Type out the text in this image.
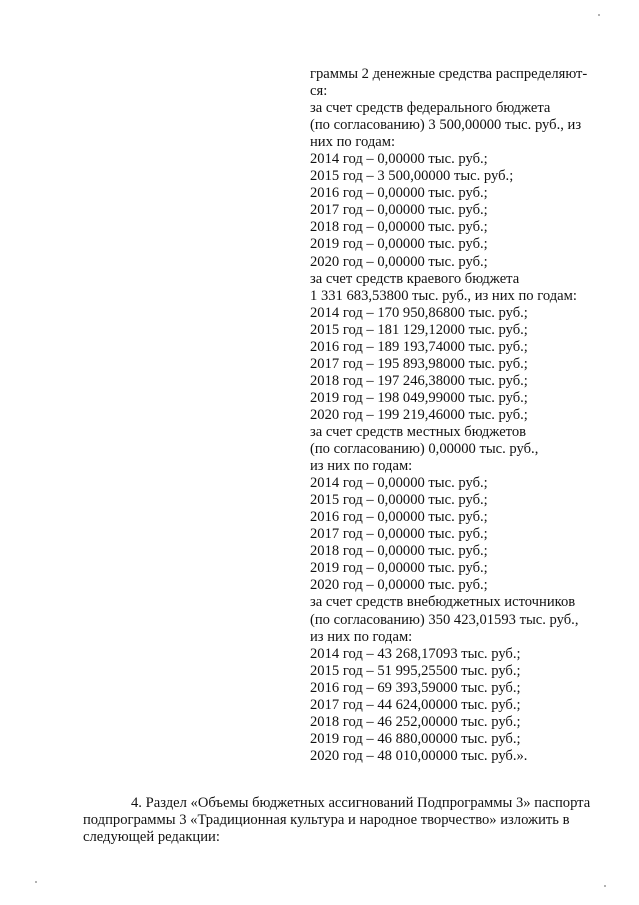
граммы 2 денежные средства распределяют-
ся:
за счет средств федерального бюджета
(по согласованию) 3 500,00000 тыс. руб., из
них по годам:
2014 год – 0,00000 тыс. руб.;
2015 год – 3 500,00000 тыс. руб.;
2016 год – 0,00000 тыс. руб.;
2017 год – 0,00000 тыс. руб.;
2018 год – 0,00000 тыс. руб.;
2019 год – 0,00000 тыс. руб.;
2020 год – 0,00000 тыс. руб.;
за счет средств краевого бюджета
1 331 683,53800 тыс. руб., из них по годам:
2014 год – 170 950,86800 тыс. руб.;
2015 год – 181 129,12000 тыс. руб.;
2016 год – 189 193,74000 тыс. руб.;
2017 год – 195 893,98000 тыс. руб.;
2018 год – 197 246,38000 тыс. руб.;
2019 год – 198 049,99000 тыс. руб.;
2020 год – 199 219,46000 тыс. руб.;
за счет средств местных бюджетов
(по согласованию) 0,00000 тыс. руб.,
из них по годам:
2014 год – 0,00000 тыс. руб.;
2015 год – 0,00000 тыс. руб.;
2016 год – 0,00000 тыс. руб.;
2017 год – 0,00000 тыс. руб.;
2018 год – 0,00000 тыс. руб.;
2019 год – 0,00000 тыс. руб.;
2020 год – 0,00000 тыс. руб.;
за счет средств внебюджетных источников
(по согласованию) 350 423,01593 тыс. руб.,
из них по годам:
2014 год – 43 268,17093 тыс. руб.;
2015 год – 51 995,25500 тыс. руб.;
2016 год – 69 393,59000 тыс. руб.;
2017 год – 44 624,00000 тыс. руб.;
2018 год – 46 252,00000 тыс. руб.;
2019 год – 46 880,00000 тыс. руб.;
2020 год – 48 010,00000 тыс. руб.».
4. Раздел «Объемы бюджетных ассигнований Подпрограммы 3» паспорта
подпрограммы 3 «Традиционная культура и народное творчество» изложить в
следующей редакции:
